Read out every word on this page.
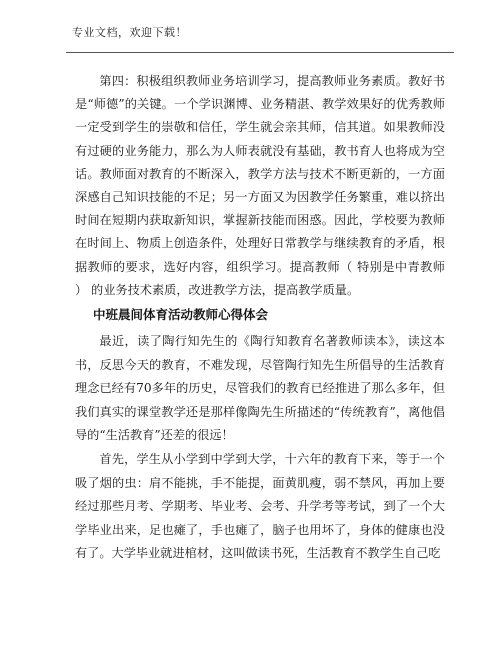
专业文档，欢迎下载！

第四：积极组织教师业务培训学习，提高教师业务素质。教好书是“师德”的关键。一个学识渊博、业务精湛、教学效果好的优秀教师一定受到学生的崇敬和信任，学生就会亲其师，信其道。如果教师没有过硬的业务能力，那么为人师表就没有基础，教书育人也将成为空话。教师面对教育的不断深入，教学方法与技术不断更新的，一方面深感自己知识技能的不足；另一方面又为因教学任务繁重，难以挤出时间在短期内获取新知识，掌握新技能而困惑。因此，学校要为教师在时间上、物质上创造条件，处理好日常教学与继续教育的矛盾，根据教师的要求，选好内容，组织学习。提高教师（ 特别是中青教师 ） 的业务技术素质，改进教学方法，提高教学质量。

中班晨间体育活动教师心得体会

最近，读了陶行知先生的《陶行知教育名著教师读本》，读这本书，反思今天的教育，不难发现，尽管陶行知先生所倡导的生活教育理念已经有70多年的历史，尽管我们的教育已经推进了那么多年，但我们真实的课堂教学还是那样像陶先生所描述的“传统教育”，离他倡导的“生活教育”还差的很远！

首先，学生从小学到中学到大学，十六年的教育下来，等于一个吸了烟的虫：肩不能挑，手不能提，面黄肌瘦，弱不禁风，再加上要经过那些月考、学期考、毕业考、会考、升学考等考试，到了一个大学毕业出来，足也瘫了，手也瘫了，脑子也用坏了，身体的健康也没有了。大学毕业就进棺材，这叫做读书死，生活教育不教学生自己吃
